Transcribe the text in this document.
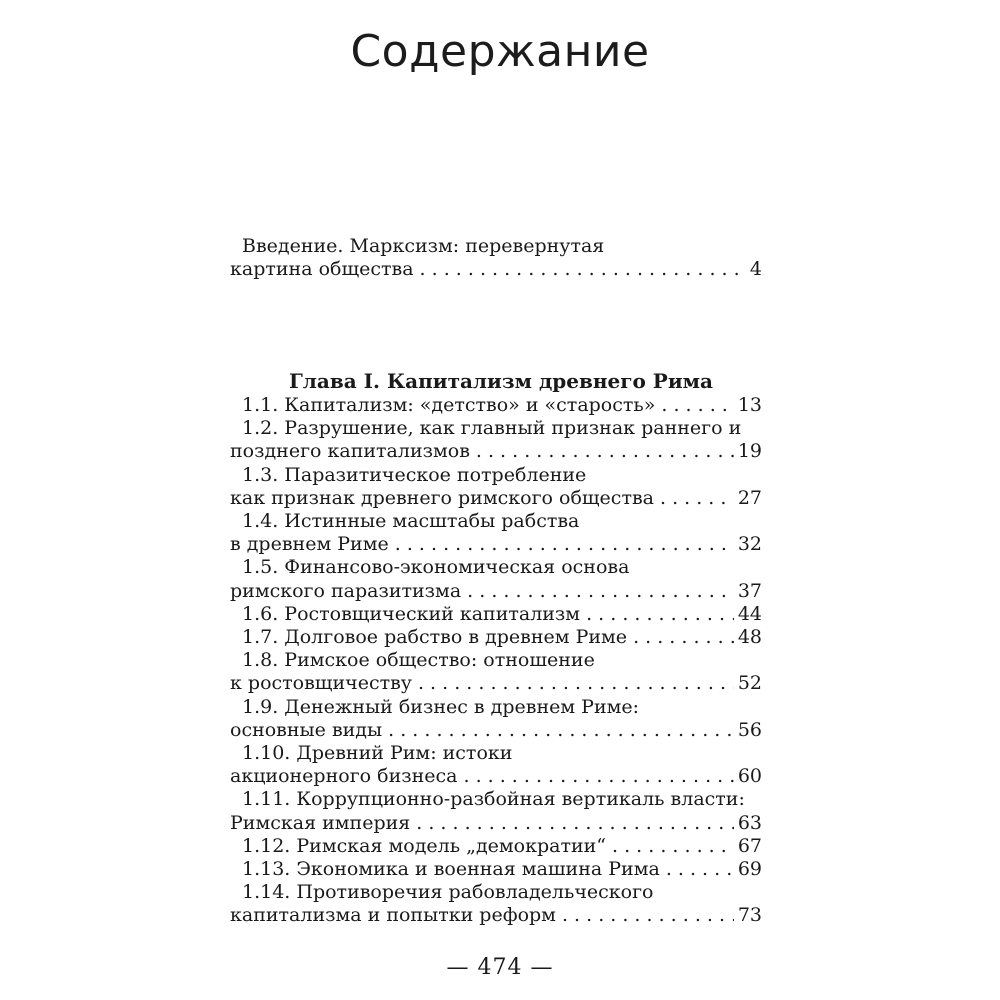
Содержание
Введение. Марксизм: перевернутая
картина общества . . .	4
Глава I. Капитализм древнего Рима
1.1. Капитализм: «детство» и «старость» . . .	13
1.2. Разрушение, как главный признак раннего и
позднего капитализмов . . .	19
1.3. Паразитическое потребление
как признак древнего римского общества . . .	27
1.4. Истинные масштабы рабства
в древнем Риме . . .	32
1.5. Финансово-экономическая основа
римского паразитизма . . .	37
1.6. Ростовщический капитализм . . .	44
1.7. Долговое рабство в древнем Риме . . .	48
1.8. Римское общество: отношение
к ростовщичеству . . .	52
1.9. Денежный бизнес в древнем Риме:
основные виды . . .	56
1.10. Древний Рим: истоки
акционерного бизнеса . . .	60
1.11. Коррупционно-разбойная вертикаль власти:
Римская империя . . .	63
1.12. Римская модель „демократии“ . . .	67
1.13. Экономика и военная машина Рима . . .	69
1.14. Противоречия рабовладельческого
капитализма и попытки реформ . . .	73
— 474 —
